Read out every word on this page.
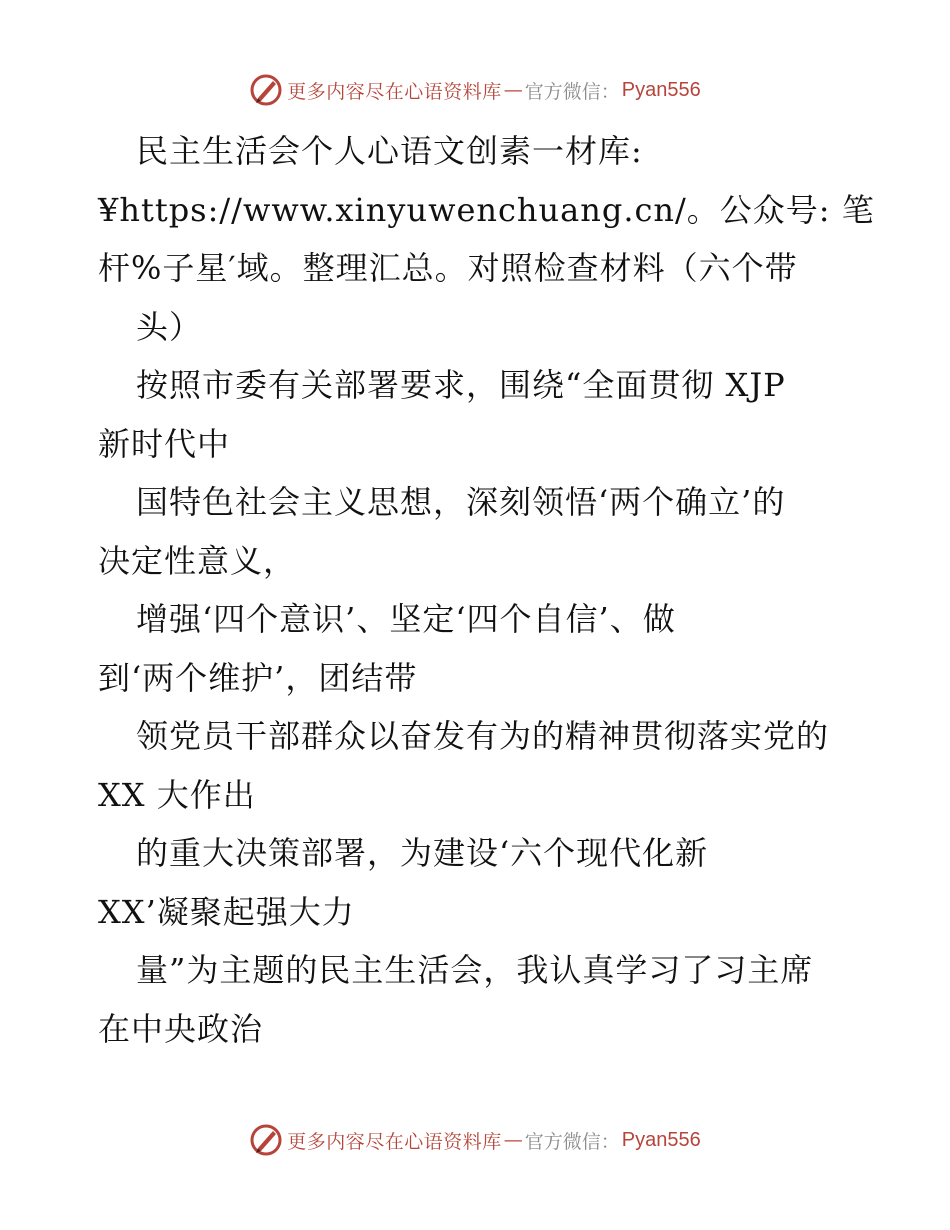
更多内容尽在心语资料库 — 官方微信： Pyan556
民主生活会个人心语文创素一材库:
¥https://www.xinyuwenchuang.cn/。公众号: 笔
杆%子星′域。整理汇总。对照检查材料（六个带
头）
按照市委有关部署要求，围绕“全面贯彻 XJP
新时代中
国特色社会主义思想，深刻领悟‘两个确立’的
决定性意义，
增强‘四个意识’、坚定‘四个自信’、做
到‘两个维护’，团结带
领党员干部群众以奋发有为的精神贯彻落实党的
XX 大作出
的重大决策部署，为建设‘六个现代化新
XX’凝聚起强大力
量”为主题的民主生活会，我认真学习了习主席
在中央政治
更多内容尽在心语资料库 — 官方微信： Pyan556
